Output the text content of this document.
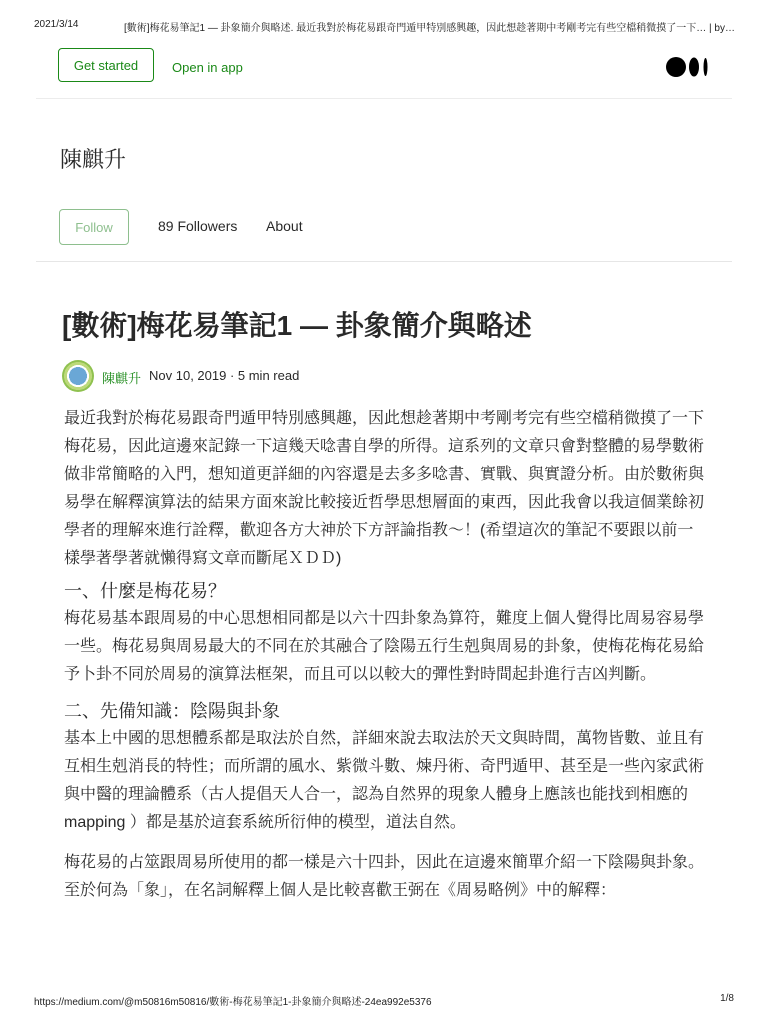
2021/3/14	[數術]梅花易筆記1 — 卦象簡介與略述. 最近我對於梅花易跟奇門遁甲特別感興趣，因此想趁著期中考剛考完有些空檔稍微摸了一下… | by…
Get started	Open in app
陳麒升
Follow	89 Followers About
[數術]梅花易筆記1 — 卦象簡介與略述
陳麒升 Nov 10, 2019 · 5 min read

最近我對於梅花易跟奇門遁甲特別感興趣，因此想趁著期中考剛考完有些空檔稍微摸了一下梅花易，因此這邊來記錄一下這幾天唸書自學的所得。這系列的文章只會對整體的易學數術做非常簡略的入門，想知道更詳細的內容還是去多多唸書、實戰、與實證分析。由於數術與易學在解釋演算法的結果方面來說比較接近哲學思想層面的東西，因此我會以我這個業餘初學者的理解來進行詮釋，歡迎各方大神於下方評論指教～！(希望這次的筆記不要跟以前一樣學著學著就懶得寫文章而斷尾ＸＤＤ)

一、什麼是梅花易？

梅花易基本跟周易的中心思想相同都是以六十四卦象為算符，難度上個人覺得比周易容易學一些。梅花易與周易最大的不同在於其融合了陰陽五行生剋與周易的卦象，使梅花梅花易給予卜卦不同於周易的演算法框架，而且可以以較大的彈性對時間起卦進行吉凶判斷。

二、先備知識：陰陽與卦象

基本上中國的思想體系都是取法於自然，詳細來說去取法於天文與時間，萬物皆數、並且有互相生剋消長的特性；而所謂的風水、紫微斗數、煉丹術、奇門遁甲、甚至是一些內家武術與中醫的理論體系（古人提倡天人合一，認為自然界的現象人體身上應該也能找到相應的mapping ）都是基於這套系統所衍伸的模型，道法自然。

梅花易的占筮跟周易所使用的都一樣是六十四卦，因此在這邊來簡單介紹一下陰陽與卦象。至於何為「象」，在名詞解釋上個人是比較喜歡王弼在《周易略例》中的解釋：

https://medium.com/@m50816m50816/數術-梅花易筆記1-卦象簡介與略述-24ea992e5376	1/8
